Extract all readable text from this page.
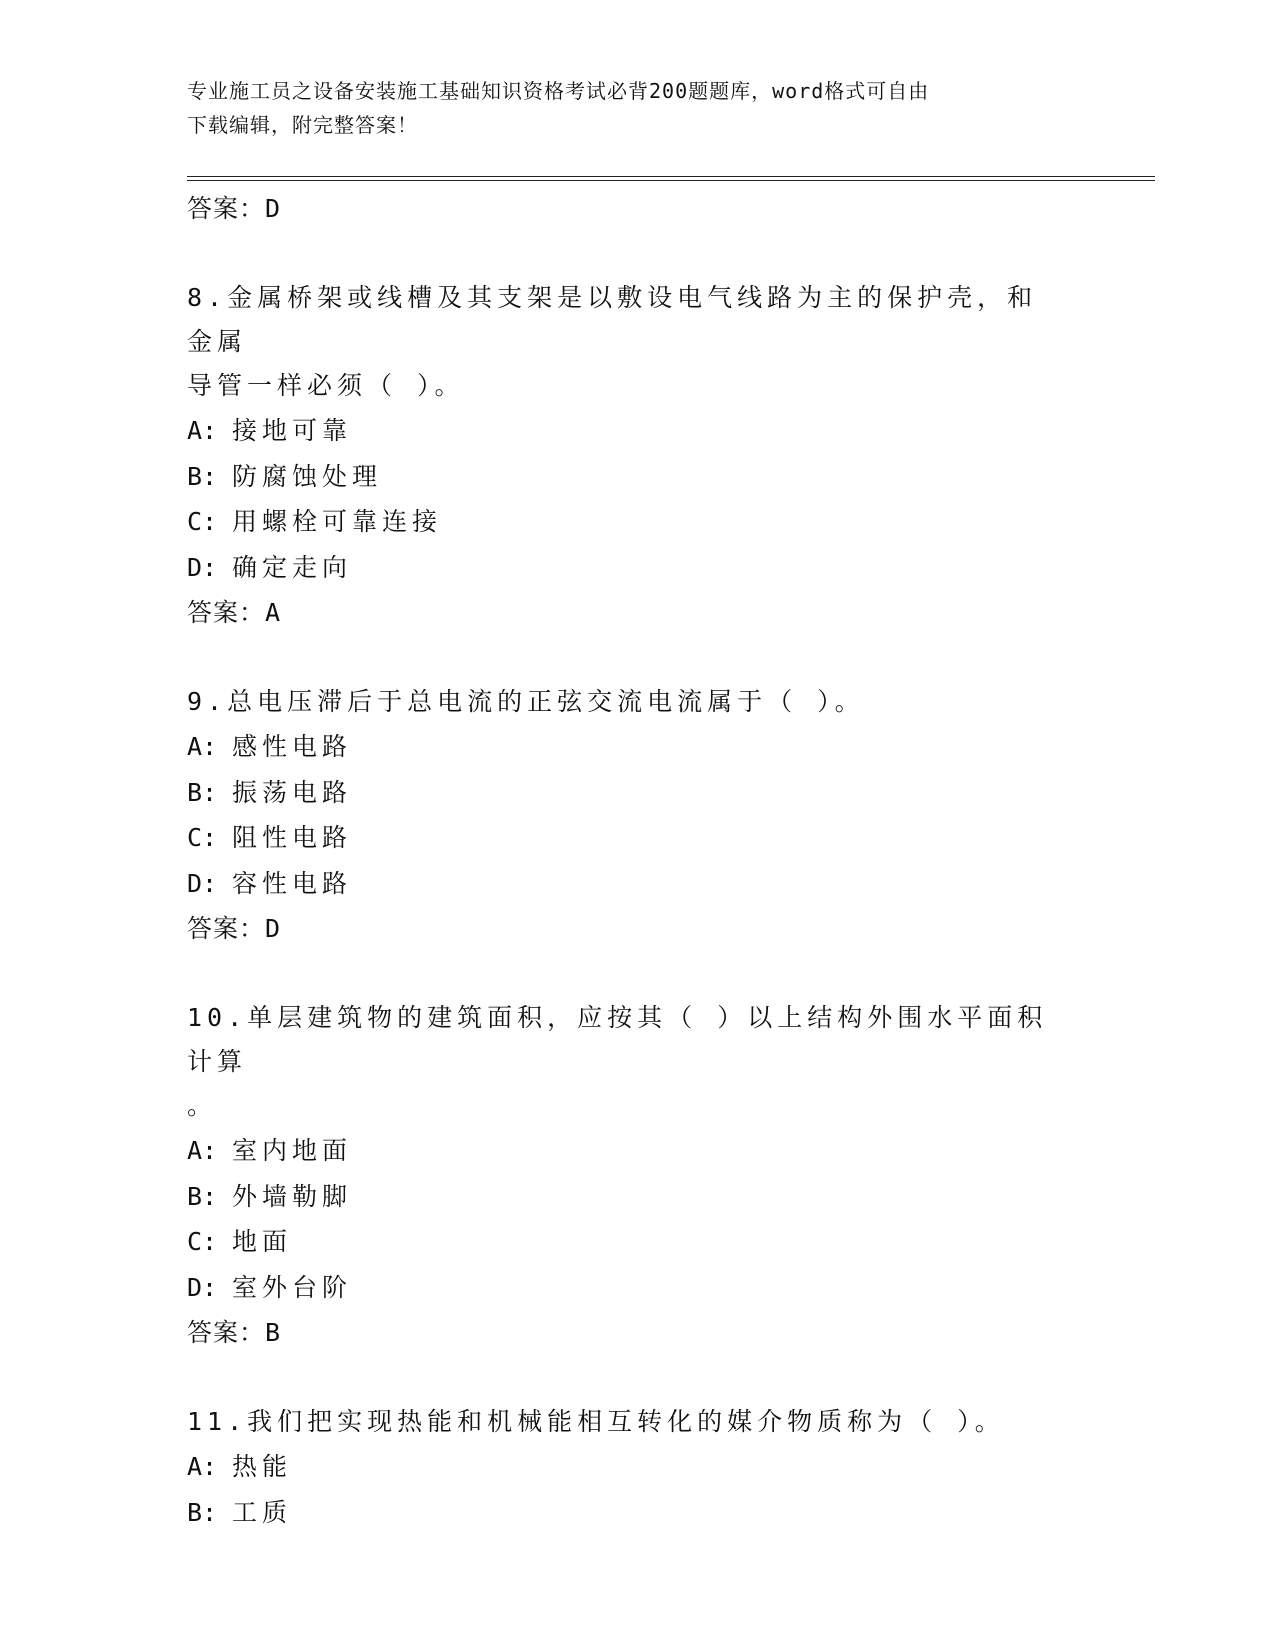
专业施工员之设备安装施工基础知识资格考试必背200题题库，word格式可自由
下载编辑，附完整答案！
答案：D
8.金属桥架或线槽及其支架是以敷设电气线路为主的保护壳，和金属
导管一样必须（ ）。
A: 接地可靠
B: 防腐蚀处理
C: 用螺栓可靠连接
D: 确定走向
答案：A
9.总电压滞后于总电流的正弦交流电流属于（ ）。
A: 感性电路
B: 振荡电路
C: 阻性电路
D: 容性电路
答案：D
10.单层建筑物的建筑面积，应按其（ ）以上结构外围水平面积计算
。
A: 室内地面
B: 外墙勒脚
C: 地面
D: 室外台阶
答案：B
11.我们把实现热能和机械能相互转化的媒介物质称为（ ）。
A: 热能
B: 工质
